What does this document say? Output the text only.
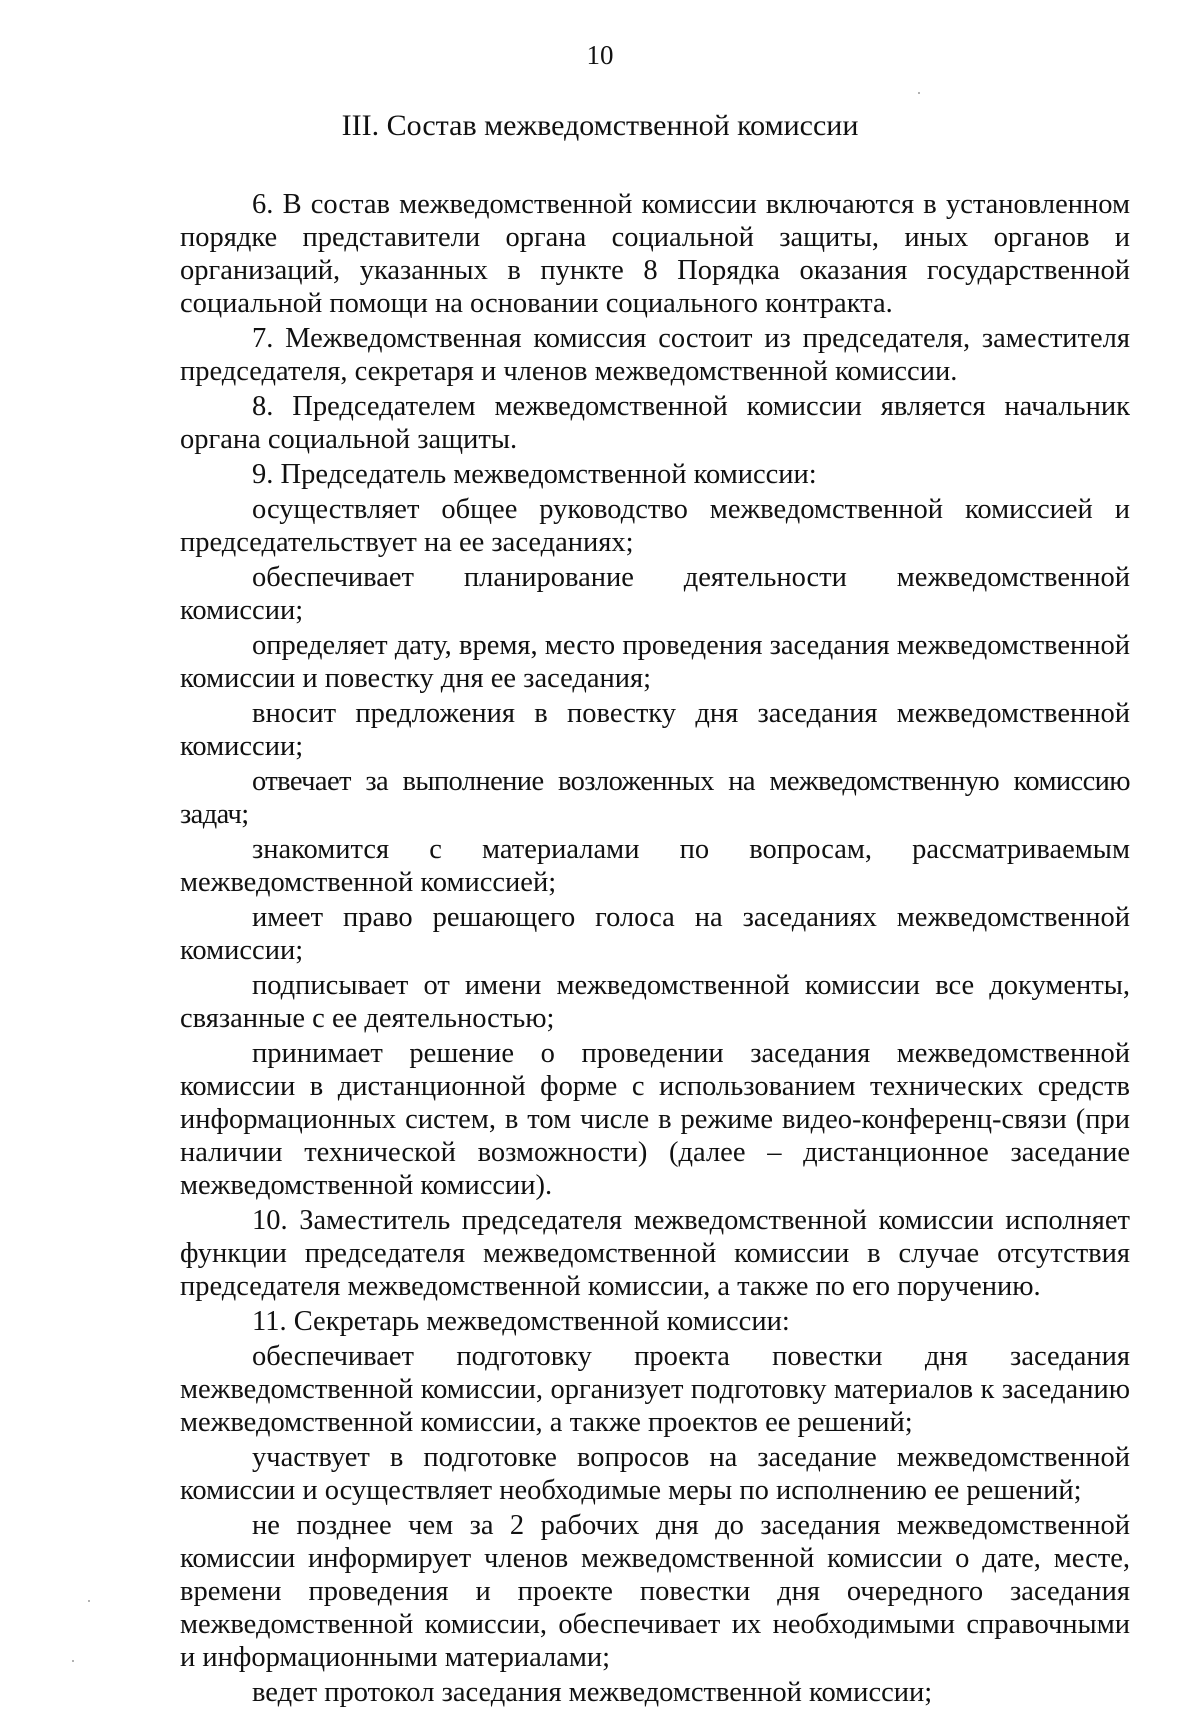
10
III. Состав межведомственной комиссии

6. В состав межведомственной комиссии включаются в установленном порядке представители органа социальной защиты, иных органов и организаций, указанных в пункте 8 Порядка оказания государственной социальной помощи на основании социального контракта.

7. Межведомственная комиссия состоит из председателя, заместителя председателя, секретаря и членов межведомственной комиссии.

8. Председателем межведомственной комиссии является начальник органа социальной защиты.

9. Председатель межведомственной комиссии:

осуществляет общее руководство межведомственной комиссией и председательствует на ее заседаниях;

обеспечивает планирование деятельности межведомственной комиссии;

определяет дату, время, место проведения заседания межведомственной комиссии и повестку дня ее заседания;

вносит предложения в повестку дня заседания межведомственной комиссии;

отвечает за выполнение возложенных на межведомственную комиссию задач;

знакомится с материалами по вопросам, рассматриваемым межведомственной комиссией;

имеет право решающего голоса на заседаниях межведомственной комиссии;

подписывает от имени межведомственной комиссии все документы, связанные с ее деятельностью;

принимает решение о проведении заседания межведомственной комиссии в дистанционной форме с использованием технических средств информационных систем, в том числе в режиме видео-конференц-связи (при наличии технической возможности) (далее – дистанционное заседание межведомственной комиссии).

10. Заместитель председателя межведомственной комиссии исполняет функции председателя межведомственной комиссии в случае отсутствия председателя межведомственной комиссии, а также по его поручению.

11. Секретарь межведомственной комиссии:

обеспечивает подготовку проекта повестки дня заседания межведомственной комиссии, организует подготовку материалов к заседанию межведомственной комиссии, а также проектов ее решений;

участвует в подготовке вопросов на заседание межведомственной комиссии и осуществляет необходимые меры по исполнению ее решений;

не позднее чем за 2 рабочих дня до заседания межведомственной комиссии информирует членов межведомственной комиссии о дате, месте, времени проведения и проекте повестки дня очередного заседания межведомственной комиссии, обеспечивает их необходимыми справочными и информационными материалами;

ведет протокол заседания межведомственной комиссии;
